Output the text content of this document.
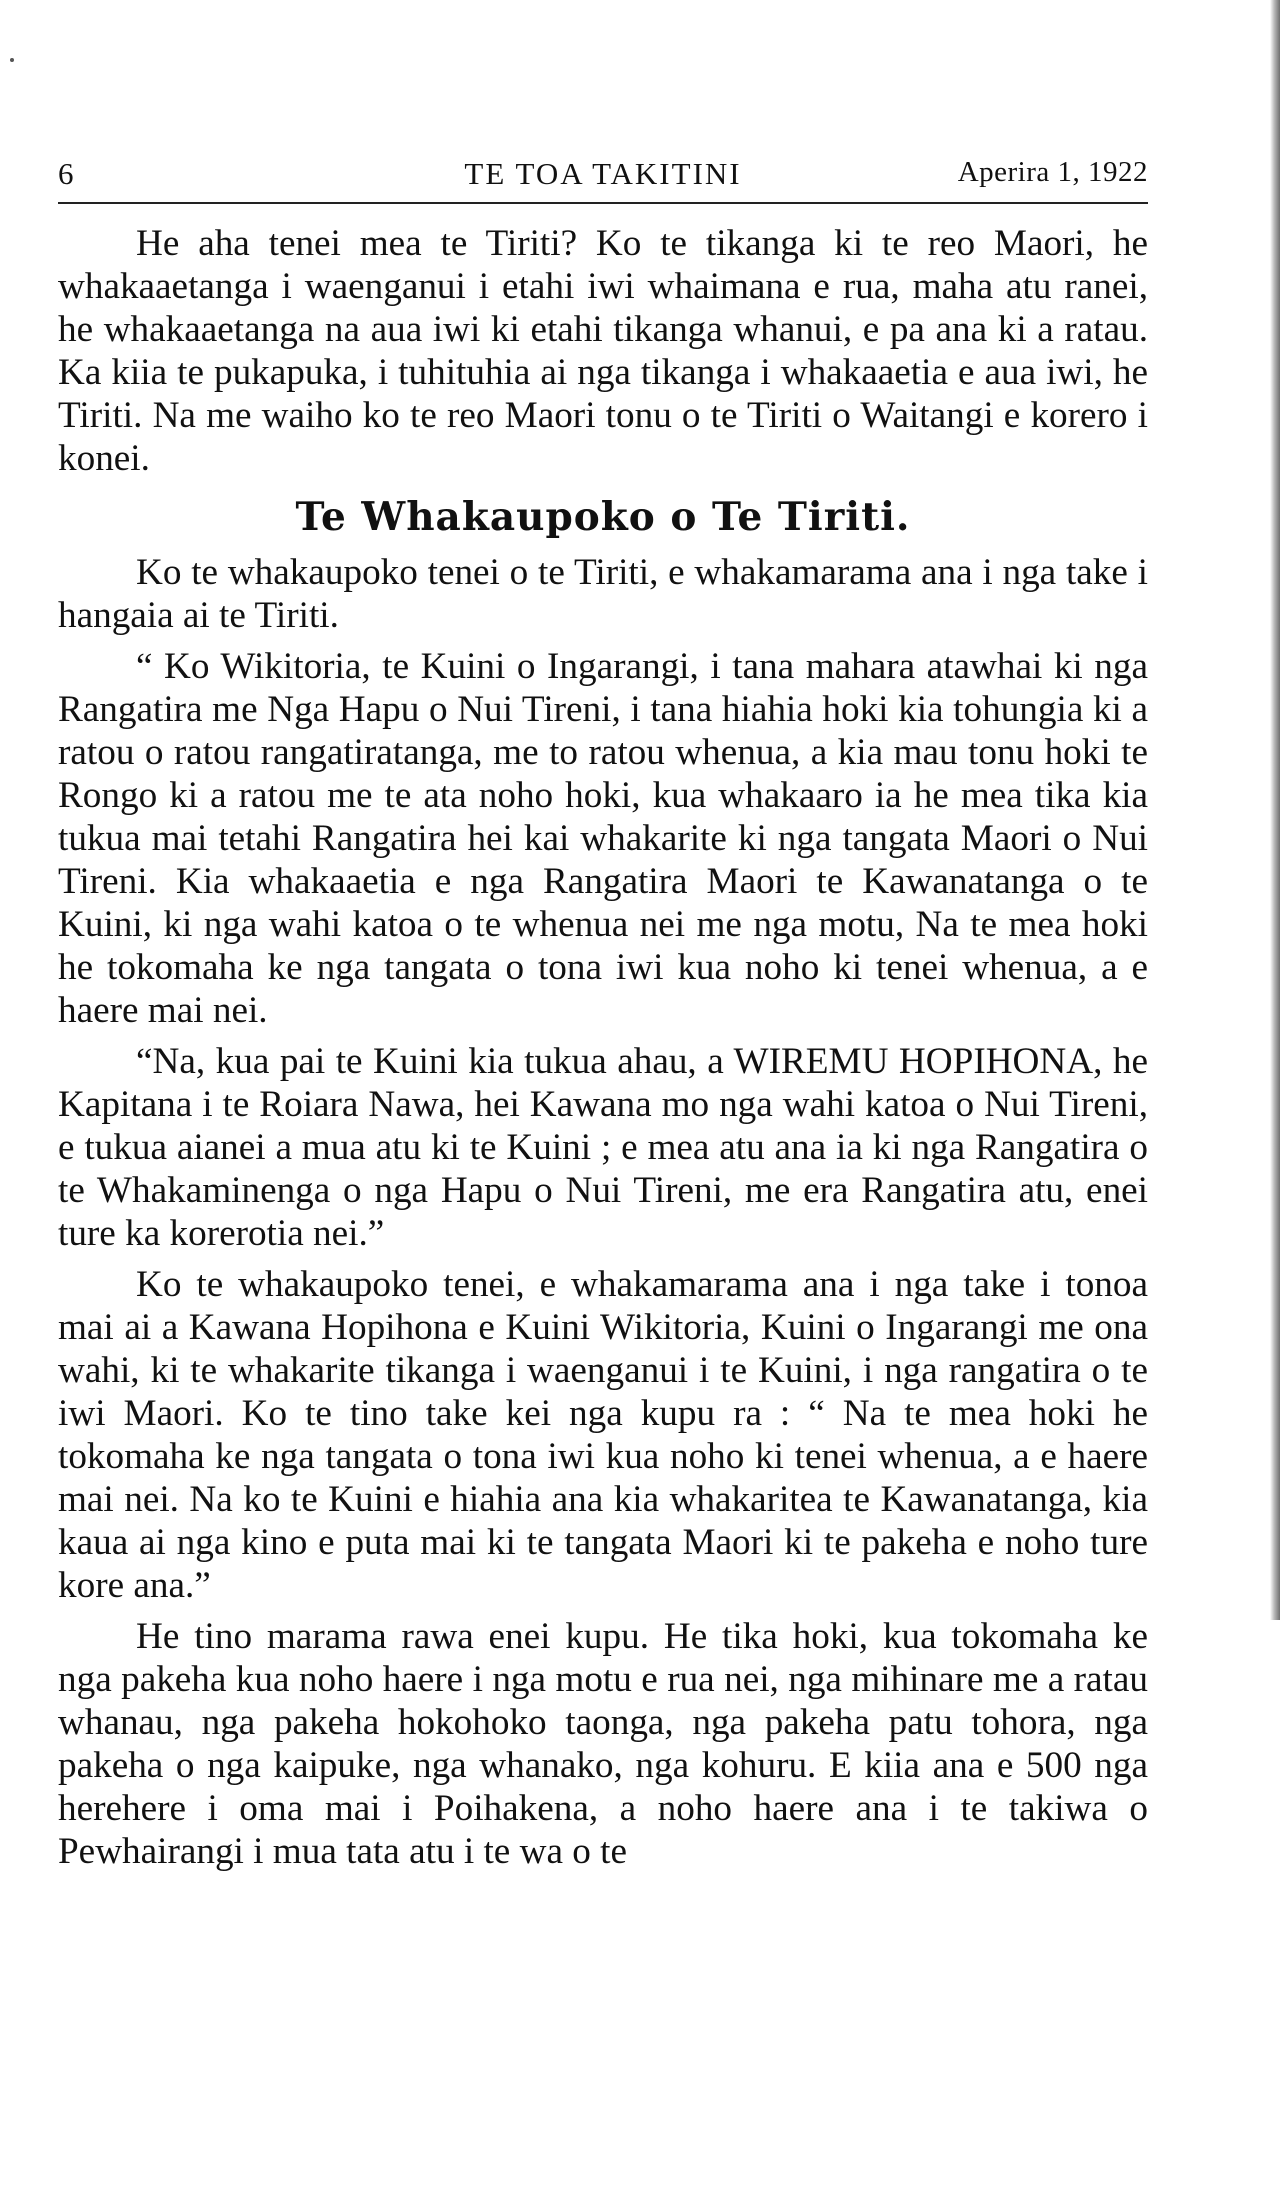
6	TE TOA TAKITINI	Aperira 1, 1922

He aha tenei mea te Tiriti? Ko te tikanga ki te reo Maori, he whakaaetanga i waenganui i etahi iwi whaimana e rua, maha atu ranei, he whakaaetanga na aua iwi ki etahi tikanga whanui, e pa ana ki a ratau. Ka kiia te pukapuka, i tuhituhia ai nga tikanga i whakaaetia e aua iwi, he Tiriti. Na me waiho ko te reo Maori tonu o te Tiriti o Waitangi e korero i konei.

Te Whakaupoko o Te Tiriti.

Ko te whakaupoko tenei o te Tiriti, e whakamarama ana i nga take i hangaia ai te Tiriti.

“ Ko Wikitoria, te Kuini o Ingarangi, i tana mahara atawhai ki nga Rangatira me Nga Hapu o Nui Tireni, i tana hiahia hoki kia tohungia ki a ratou o ratou rangatiratanga, me to ratou whenua, a kia mau tonu hoki te Rongo ki a ratou me te ata noho hoki, kua whakaaro ia he mea tika kia tukua mai tetahi Rangatira hei kai whakarite ki nga tangata Maori o Nui Tireni. Kia whakaaetia e nga Rangatira Maori te Kawanatanga o te Kuini, ki nga wahi katoa o te whenua nei me nga motu, Na te mea hoki he tokomaha ke nga tangata o tona iwi kua noho ki tenei whenua, a e haere mai nei.

“Na, kua pai te Kuini kia tukua ahau, a WIREMU HOPIHONA, he Kapitana i te Roiara Nawa, hei Kawana mo nga wahi katoa o Nui Tireni, e tukua aianei a mua atu ki te Kuini ; e mea atu ana ia ki nga Rangatira o te Whakaminenga o nga Hapu o Nui Tireni, me era Rangatira atu, enei ture ka korerotia nei.”

Ko te whakaupoko tenei, e whakamarama ana i nga take i tonoa mai ai a Kawana Hopihona e Kuini Wikitoria, Kuini o Ingarangi me ona wahi, ki te whakarite tikanga i waenganui i te Kuini, i nga rangatira o te iwi Maori. Ko te tino take kei nga kupu ra : “ Na te mea hoki he tokomaha ke nga tangata o tona iwi kua noho ki tenei whenua, a e haere mai nei. Na ko te Kuini e hiahia ana kia whakaritea te Kawanatanga, kia kaua ai nga kino e puta mai ki te tangata Maori ki te pakeha e noho ture kore ana.”

He tino marama rawa enei kupu. He tika hoki, kua tokomaha ke nga pakeha kua noho haere i nga motu e rua nei, nga mihinare me a ratau whanau, nga pakeha hokohoko taonga, nga pakeha patu tohora, nga pakeha o nga kaipuke, nga whanako, nga kohuru. E kiia ana e 500 nga herehere i oma mai i Poihakena, a noho haere ana i te takiwa o Pewhairangi i mua tata atu i te wa o te
